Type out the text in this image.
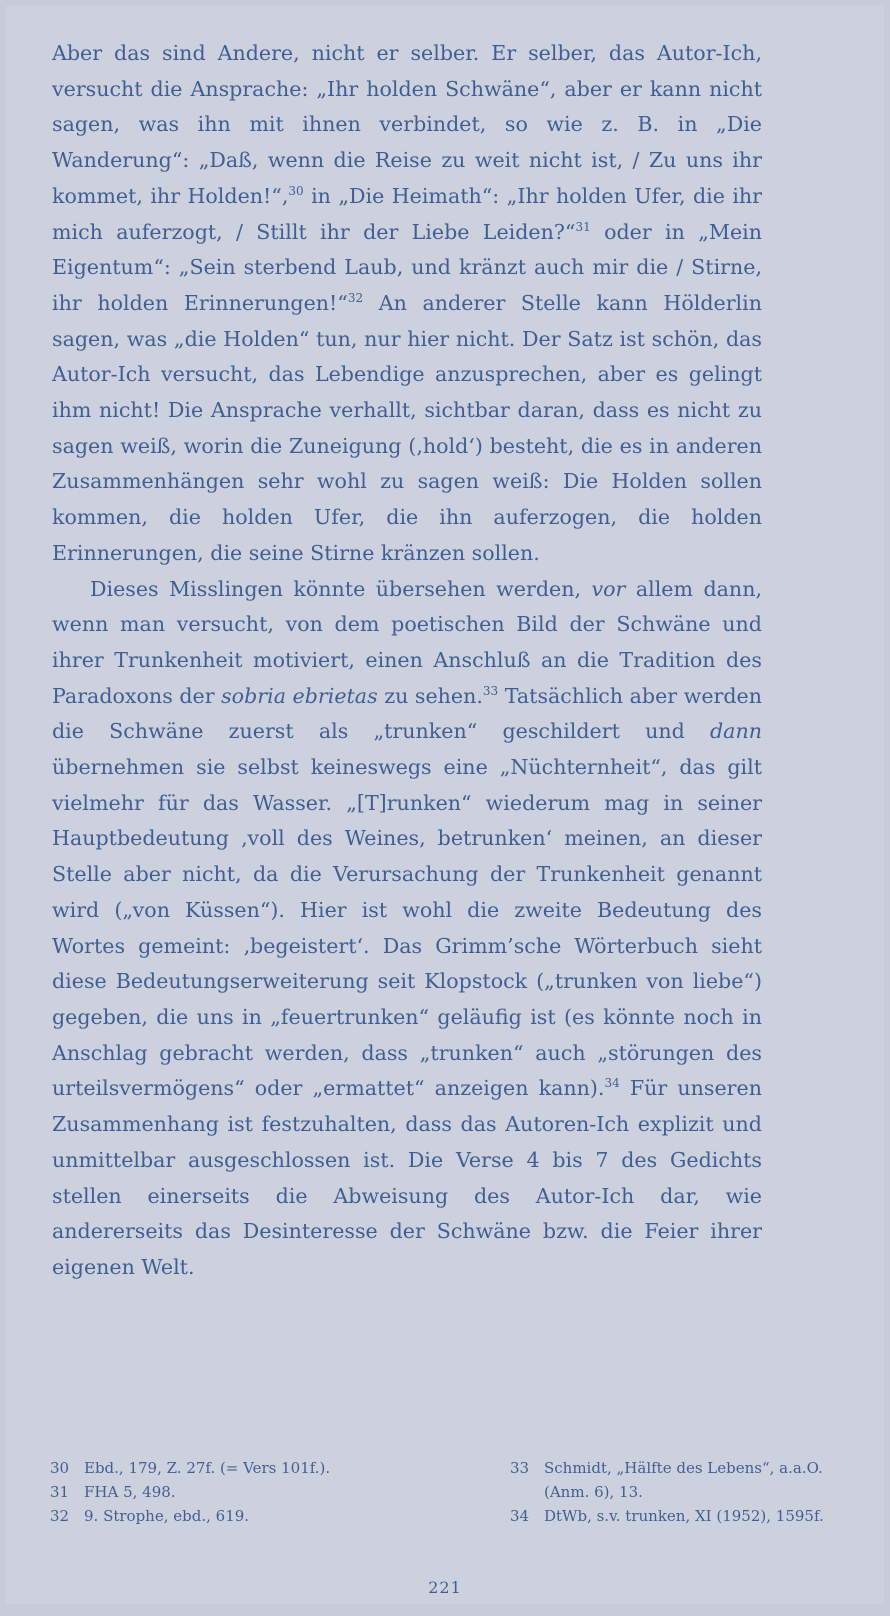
Aber das sind Andere, nicht er selber. Er selber, das Autor-Ich, versucht die Ansprache: „Ihr holden Schwäne“, aber er kann nicht sagen, was ihn mit ihnen verbindet, so wie z. B. in „Die Wanderung“: „Daß, wenn die Reise zu weit nicht ist, / Zu uns ihr kommet, ihr Holden!“,$^{30}$ in „Die Heimath“: „Ihr holden Ufer, die ihr mich auferzogt, / Stillt ihr der Liebe Leiden?“$^{31}$ oder in „Mein Eigentum“: „Sein sterbend Laub, und kränzt auch mir die / Stirne, ihr holden Erinnerungen!“$^{32}$ An anderer Stelle kann Hölderlin sagen, was „die Holden“ tun, nur hier nicht. Der Satz ist schön, das Autor-Ich versucht, das Lebendige anzusprechen, aber es gelingt ihm nicht! Die Ansprache verhallt, sichtbar daran, dass es nicht zu sagen weiß, worin die Zuneigung (‚hold‘) besteht, die es in anderen Zusammenhängen sehr wohl zu sagen weiß: Die Holden sollen kommen, die holden Ufer, die ihn auferzogen, die holden Erinnerungen, die seine Stirne kränzen sollen.

Dieses Misslingen könnte übersehen werden, vor allem dann, wenn man versucht, von dem poetischen Bild der Schwäne und ihrer Trunkenheit motiviert, einen Anschluß an die Tradition des Paradoxons der sobria ebrietas zu sehen.$^{33}$ Tatsächlich aber werden die Schwäne zuerst als „trunken“ geschildert und dann übernehmen sie selbst keineswegs eine „Nüchternheit“, das gilt vielmehr für das Wasser. „[T]runken“ wiederum mag in seiner Hauptbedeutung ‚voll des Weines, betrunken‘ meinen, an dieser Stelle aber nicht, da die Verursachung der Trunkenheit genannt wird („von Küssen“). Hier ist wohl die zweite Bedeutung des Wortes gemeint: ‚begeistert‘. Das Grimm’sche Wörterbuch sieht diese Bedeutungserweiterung seit Klopstock („trunken von liebe“) gegeben, die uns in „feuertrunken“ geläufig ist (es könnte noch in Anschlag gebracht werden, dass „trunken“ auch „störungen des urteilsvermögens“ oder „ermattet“ anzeigen kann).$^{34}$ Für unseren Zusammenhang ist festzuhalten, dass das Autoren-Ich explizit und unmittelbar ausgeschlossen ist. Die Verse 4 bis 7 des Gedichts stellen einerseits die Abweisung des Autor-Ich dar, wie andererseits das Desinteresse der Schwäne bzw. die Feier ihrer eigenen Welt.

30 Ebd., 179, Z. 27f. (= Vers 101f.).
31 FHA 5, 498.
32 9. Strophe, ebd., 619.
33 Schmidt, „Hälfte des Lebens“, a.a.O. (Anm. 6), 13.
34 DtWb, s.v. trunken, XI (1952), 1595f.
221
